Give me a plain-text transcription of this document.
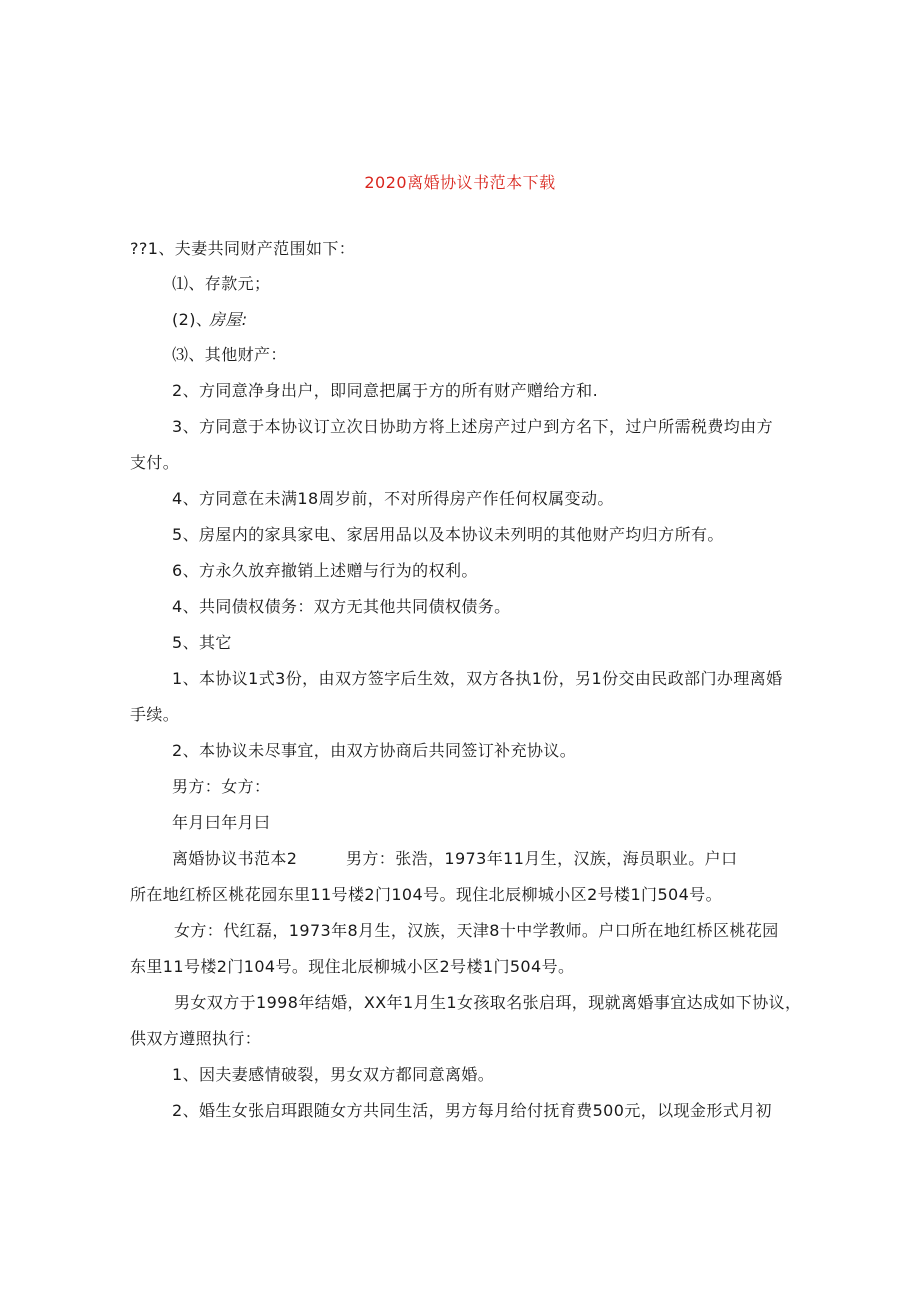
2020离婚协议书范本下载
??1、夫妻共同财产范围如下：
⑴、存款元；
(2)、
房屋:
⑶、其他财产：
2、方同意净身出户，即同意把属于方的所有财产赠给方和.
3、方同意于本协议订立次日协助方将上述房产过户到方名下，过户所需税费均由方
支付。
4、方同意在未满18周岁前，不对所得房产作任何权属变动。
5、房屋内的家具家电、家居用品以及本协议未列明的其他财产均归方所有。
6、方永久放弃撤销上述赠与行为的权利。
4、共同债权债务：双方无其他共同债权债务。
5、其它
1、本协议1式3份，由双方签字后生效，双方各执1份，另1份交由民政部门办理离婚
手续。
2、本协议未尽事宜，由双方协商后共同签订补充协议。
男方：女方：
年月曰年月曰
离婚协议书范本2	男方：张浩，1973年11月生，汉族，海员职业。户口
所在地红桥区桃花园东里11号楼2门104号。现住北辰柳城小区2号楼1门504号。
女方：代红磊，1973年8月生，汉族，天津8十中学教师。户口所在地红桥区桃花园
东里11号楼2门104号。现住北辰柳城小区2号楼1门504号。
男女双方于1998年结婚，XX年1月生1女孩取名张启珥，现就离婚事宜达成如下协议，
供双方遵照执行：
1、因夫妻感情破裂，男女双方都同意离婚。
2、婚生女张启珥跟随女方共同生活，男方每月给付抚育费500元，以现金形式月初
